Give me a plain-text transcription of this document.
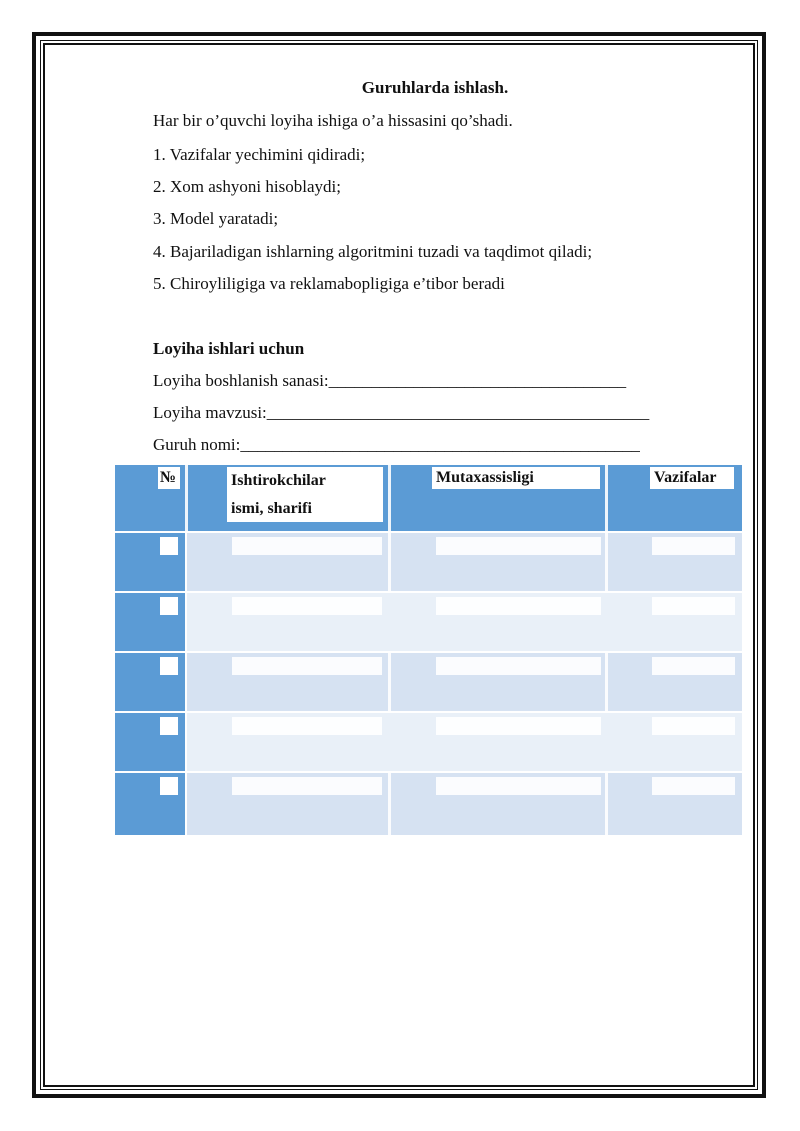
Guruhlarda ishlash.
Har bir o’quvchi loyiha ishiga o’a hissasini qo’shadi.
1. Vazifalar yechimini qidiradi;
2. Xom ashyoni hisoblaydi;
3. Model yaratadi;
4. Bajariladigan ishlarning algoritmini tuzadi va taqdimot qiladi;
5. Chiroyliligiga va reklamabopligiga e’tibor beradi
Loyiha ishlari uchun
Loyiha boshlanish sanasi:___________________________________
Loyiha mavzusi:_____________________________________________
Guruh nomi:_______________________________________________
№	Ishtirokchilar
ismi, sharifi
Mutaxassisligi	Vazifalar
